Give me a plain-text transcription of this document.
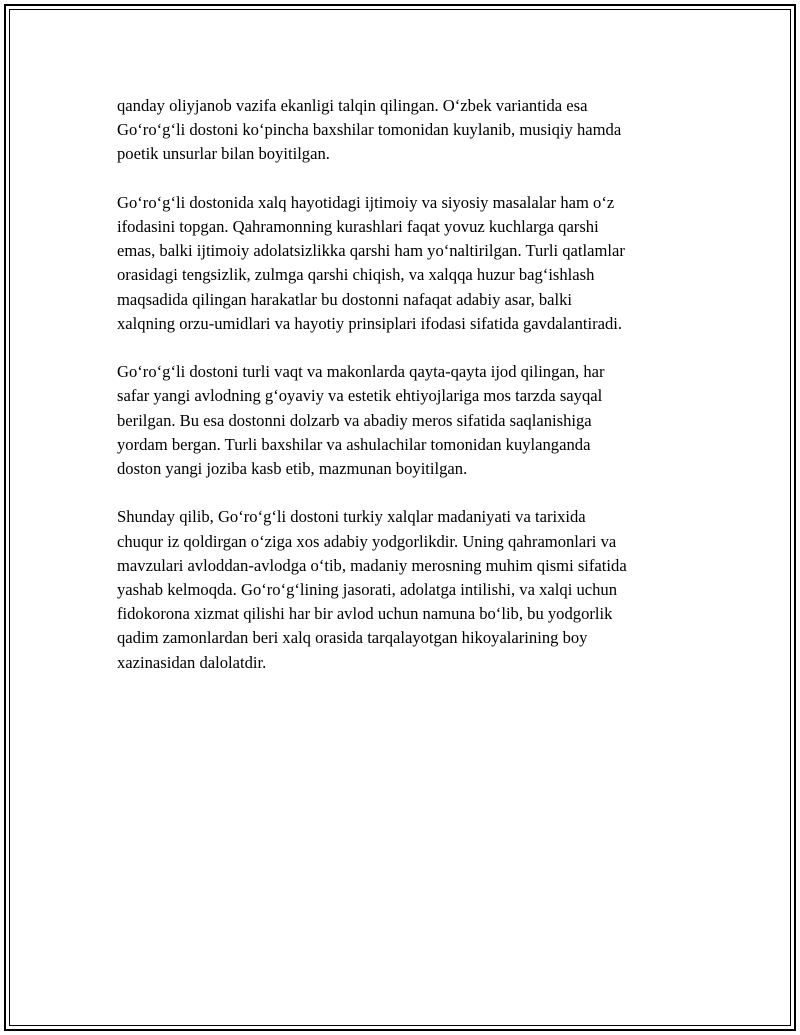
qanday oliyjanob vazifa ekanligi talqin qilingan. O‘zbek variantida esa
Go‘ro‘g‘li dostoni ko‘pincha baxshilar tomonidan kuylanib, musiqiy hamda
poetik unsurlar bilan boyitilgan.

Go‘ro‘g‘li dostonida xalq hayotidagi ijtimoiy va siyosiy masalalar ham o‘z
ifodasini topgan. Qahramonning kurashlari faqat yovuz kuchlarga qarshi
emas, balki ijtimoiy adolatsizlikka qarshi ham yo‘naltirilgan. Turli qatlamlar
orasidagi tengsizlik, zulmga qarshi chiqish, va xalqqa huzur bag‘ishlash
maqsadida qilingan harakatlar bu dostonni nafaqat adabiy asar, balki
xalqning orzu-umidlari va hayotiy prinsiplari ifodasi sifatida gavdalantiradi.

Go‘ro‘g‘li dostoni turli vaqt va makonlarda qayta-qayta ijod qilingan, har
safar yangi avlodning g‘oyaviy va estetik ehtiyojlariga mos tarzda sayqal
berilgan. Bu esa dostonni dolzarb va abadiy meros sifatida saqlanishiga
yordam bergan. Turli baxshilar va ashulachilar tomonidan kuylanganda
doston yangi joziba kasb etib, mazmunan boyitilgan.

Shunday qilib, Go‘ro‘g‘li dostoni turkiy xalqlar madaniyati va tarixida
chuqur iz qoldirgan o‘ziga xos adabiy yodgorlikdir. Uning qahramonlari va
mavzulari avloddan-avlodga o‘tib, madaniy merosning muhim qismi sifatida
yashab kelmoqda. Go‘ro‘g‘lining jasorati, adolatga intilishi, va xalqi uchun
fidokorona xizmat qilishi har bir avlod uchun namuna bo‘lib, bu yodgorlik
qadim zamonlardan beri xalq orasida tarqalayotgan hikoyalarining boy
xazinasidan dalolatdir.
